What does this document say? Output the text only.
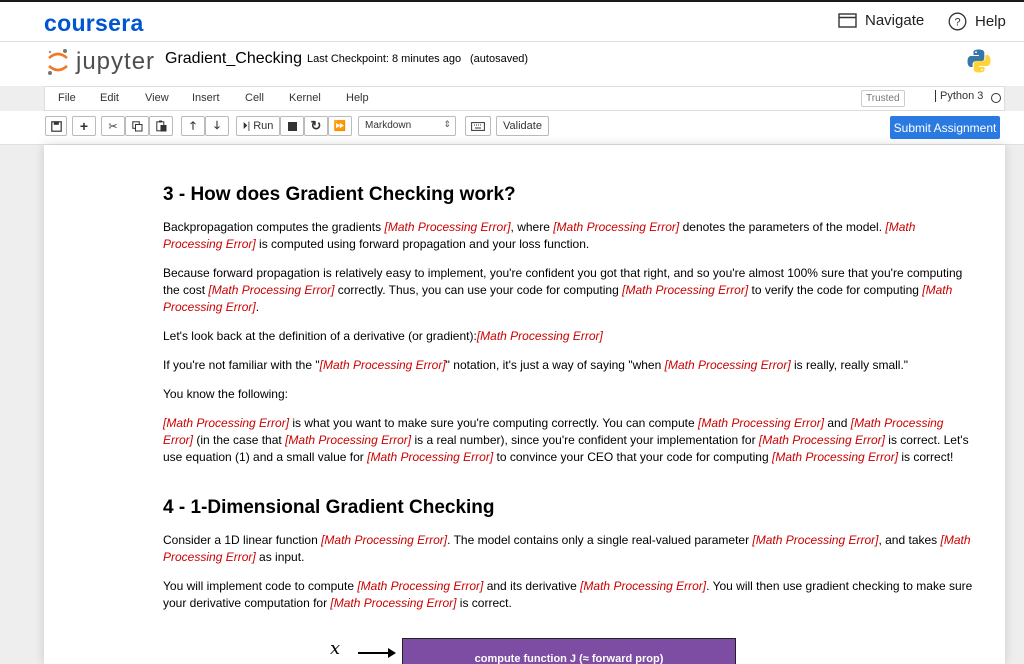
coursera	Navigate	? Help
jupyter Gradient_Checking Last Checkpoint: 8 minutes ago (autosaved)
File Edit View Insert Cell Kernel Help	Trusted	Python 3
+ ✂	🡑 🡓 ⏵| Run	↻ ⏩	Markdown	⇕	Validate	Submit Assignment
3 - How does Gradient Checking work?

Backpropagation computes the gradients [Math Processing Error], where [Math Processing Error] denotes the parameters of the model. [Math Processing Error] is computed using forward propagation and your loss function.

Because forward propagation is relatively easy to implement, you're confident you got that right, and so you're almost 100% sure that you're computing the cost [Math Processing Error] correctly. Thus, you can use your code for computing [Math Processing Error] to verify the code for computing [Math Processing Error].

Let's look back at the definition of a derivative (or gradient):[Math Processing Error]

If you're not familiar with the "[Math Processing Error]" notation, it's just a way of saying "when [Math Processing Error] is really, really small."

You know the following:

[Math Processing Error] is what you want to make sure you're computing correctly. You can compute [Math Processing Error] and [Math Processing Error] (in the case that [Math Processing Error] is a real number), since you're confident your implementation for [Math Processing Error] is correct. Let's use equation (1) and a small value for [Math Processing Error] to convince your CEO that your code for computing [Math Processing Error] is correct!

4 - 1-Dimensional Gradient Checking

Consider a 1D linear function [Math Processing Error]. The model contains only a single real-valued parameter [Math Processing Error], and takes [Math Processing Error] as input.

You will implement code to compute [Math Processing Error] and its derivative [Math Processing Error]. You will then use gradient checking to make sure your derivative computation for [Math Processing Error] is correct.

x	compute function J (≈ forward prop)
